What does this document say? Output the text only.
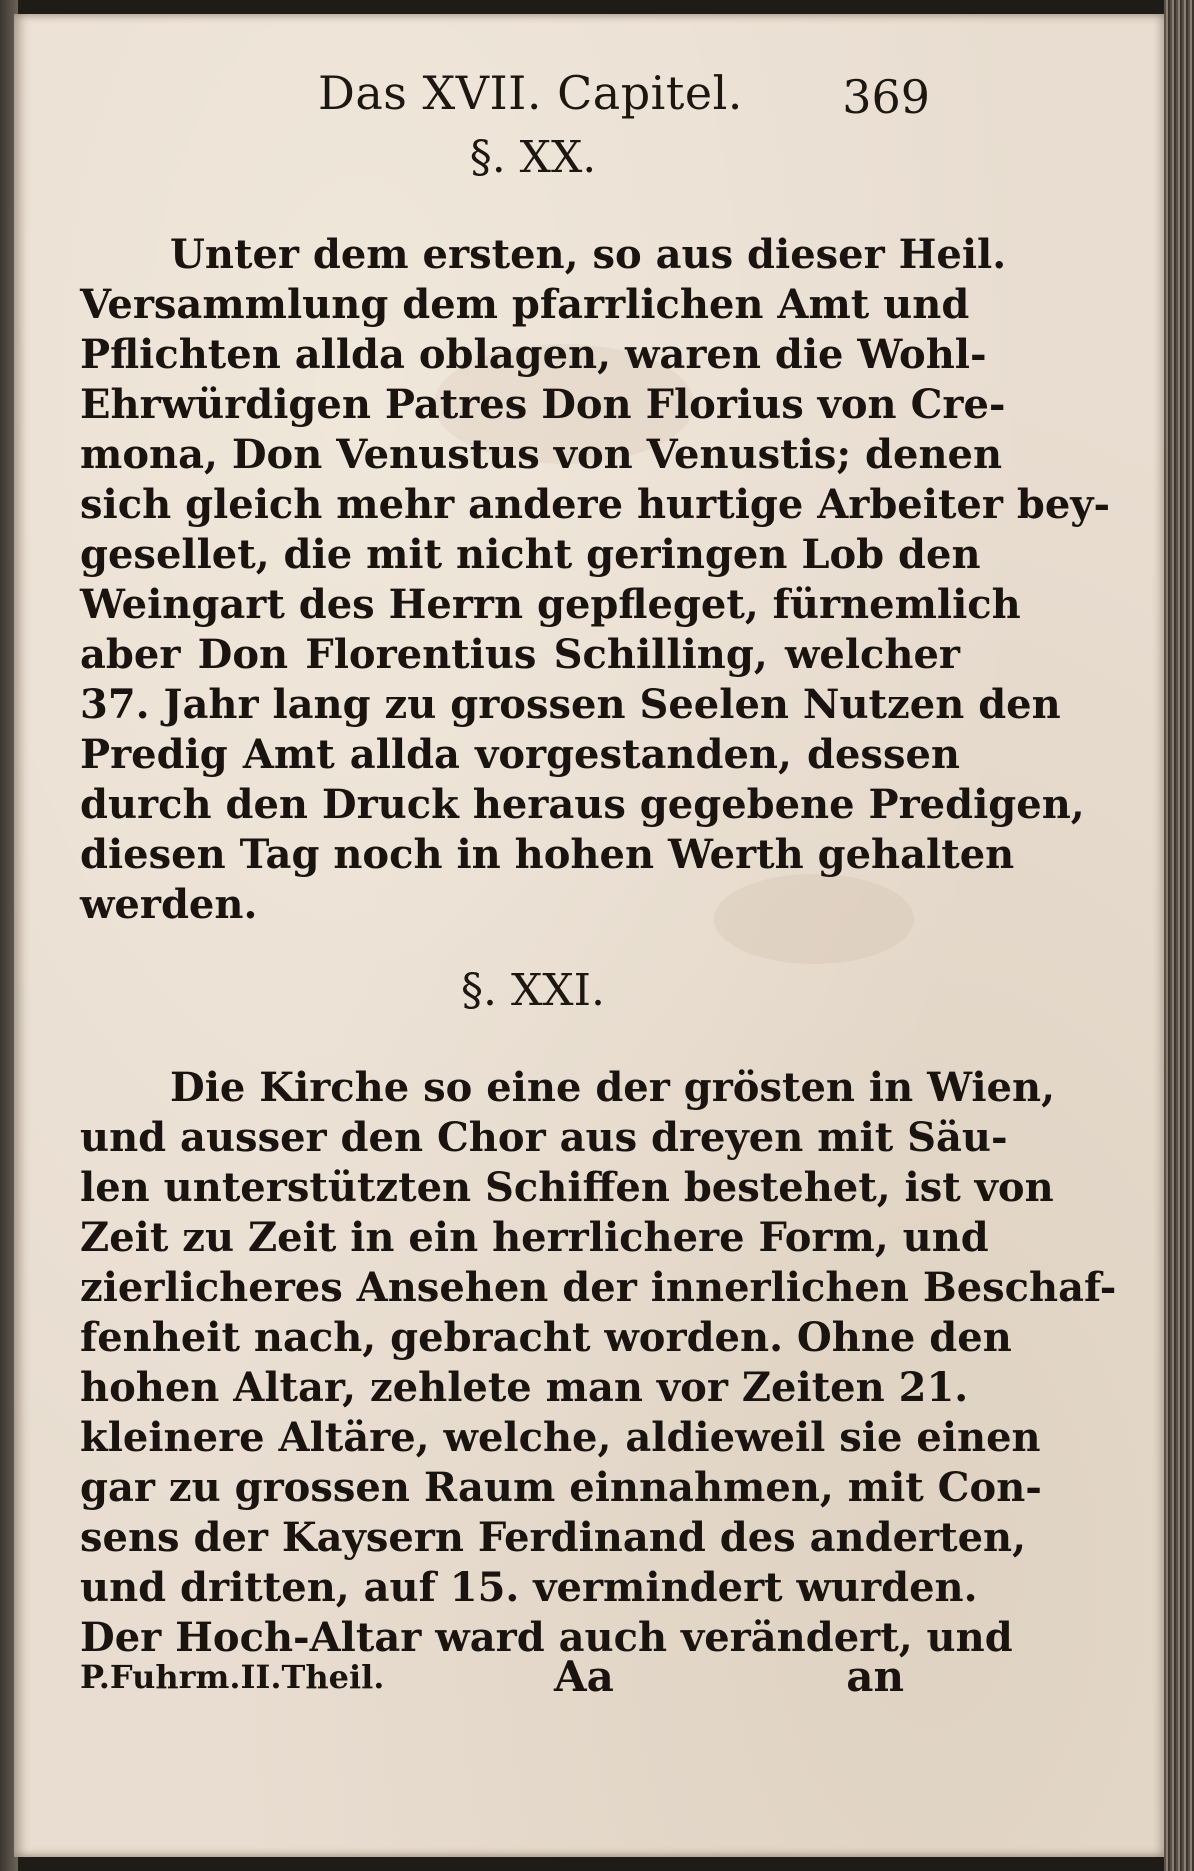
Das XVII. Capitel. 369
§. XX.

Unter dem ersten, so aus dieser Heil.
Versammlung dem pfarrlichen Amt und
Pflichten allda oblagen, waren die Wohl-
Ehrwürdigen Patres Don Florius von Cre-
mona, Don Venustus von Venustis; denen
sich gleich mehr andere hurtige Arbeiter bey-
gesellet, die mit nicht geringen Lob den
Weingart des Herrn gepfleget, fürnemlich
aber Don Florentius Schilling, welcher
37. Jahr lang zu grossen Seelen Nutzen den
Predig Amt allda vorgestanden, dessen
durch den Druck heraus gegebene Predigen,
diesen Tag noch in hohen Werth gehalten
werden.

§. XXI.

Die Kirche so eine der grösten in Wien,
und ausser den Chor aus dreyen mit Säu-
len unterstützten Schiffen bestehet, ist von
Zeit zu Zeit in ein herrlichere Form, und
zierlicheres Ansehen der innerlichen Beschaf-
fenheit nach, gebracht worden. Ohne den
hohen Altar, zehlete man vor Zeiten 21.
kleinere Altäre, welche, aldieweil sie einen
gar zu grossen Raum einnahmen, mit Con-
sens der Kaysern Ferdinand des anderten,
und dritten, auf 15. vermindert wurden.
Der Hoch-Altar ward auch verändert, und

P.Fuhrm.II.Theil.	Aa	an
